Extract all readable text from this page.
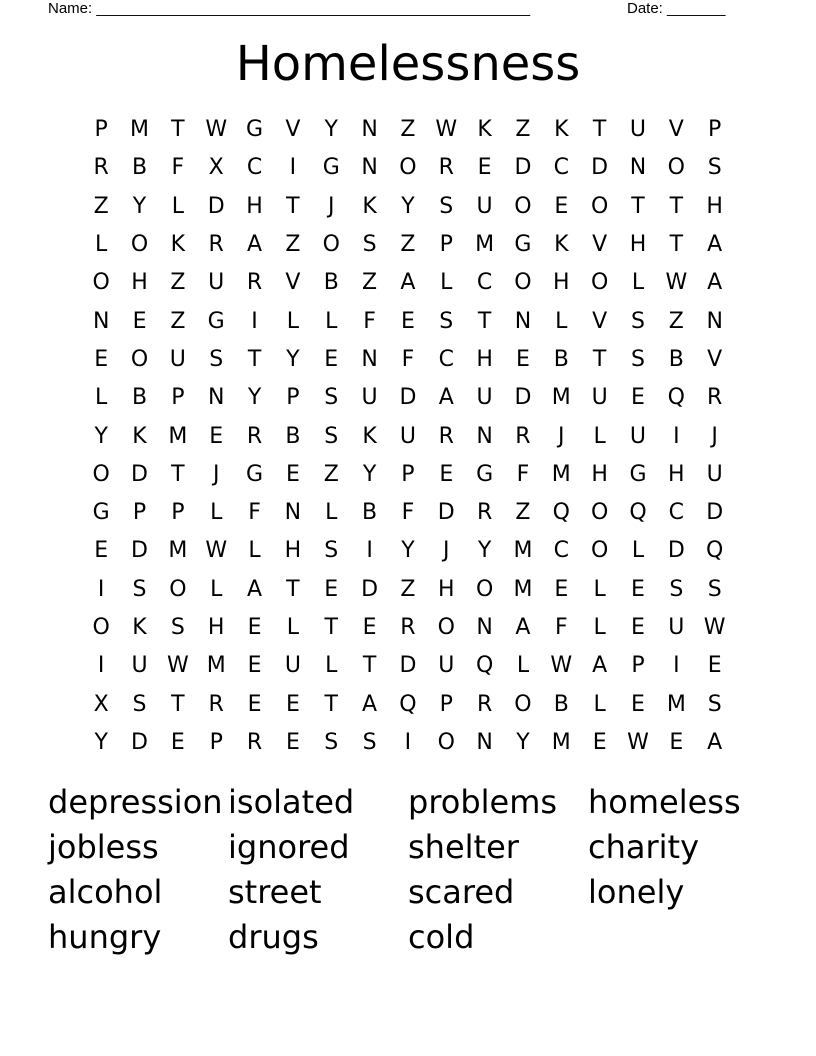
Name: ____________________________________________________	Date: _______
Homelessness
P	M	T W G	V	Y	N	Z W K	Z	K	T	U	V	P
R	B	F	X	C	I	G N O	R	E	D	C	D N O	S
Z	Y	L	D H	T	J	K	Y	S	U O	E	O	T	T	H
L	O	K	R	A	Z	O	S	Z	P	M G	K	V	H	T	A
O H	Z	U	R	V	B	Z	A	L	C O H O	L W A
N	E	Z	G	I	L	L	F	E	S	T	N	L	V	S	Z	N
E	O U	S	T	Y	E	N	F	C	H	E	B	T	S	B	V
L	B	P	N	Y	P	S	U D	A	U D M U	E	Q	R
Y	K M E	R	B	S	K	U	R	N	R	J	L	U	I	J
O D	T	J	G	E	Z	Y	P	E	G	F	M H G H	U
G	P	P	L	F	N	L	B	F	D	R	Z	Q O Q	C	D
E	D M W L	H	S	I	Y	J	Y	M C O	L	D Q
I	S	O	L	A	T	E	D	Z	H O M E	L	E	S	S
O	K	S	H	E	L	T	E	R	O N	A	F	L	E	U W
I	U W M E	U	L	T	D U Q	L W A	P	I	E
X	S	T	R	E	E	T	A	Q	P	R	O	B	L	E M S
Y	D	E	P	R	E	S	S	I	O N	Y	M E W E	A
depression isolated	problems homeless
jobless	ignored	shelter	charity
alcohol	street	scared	lonely
hungry	drugs	cold
